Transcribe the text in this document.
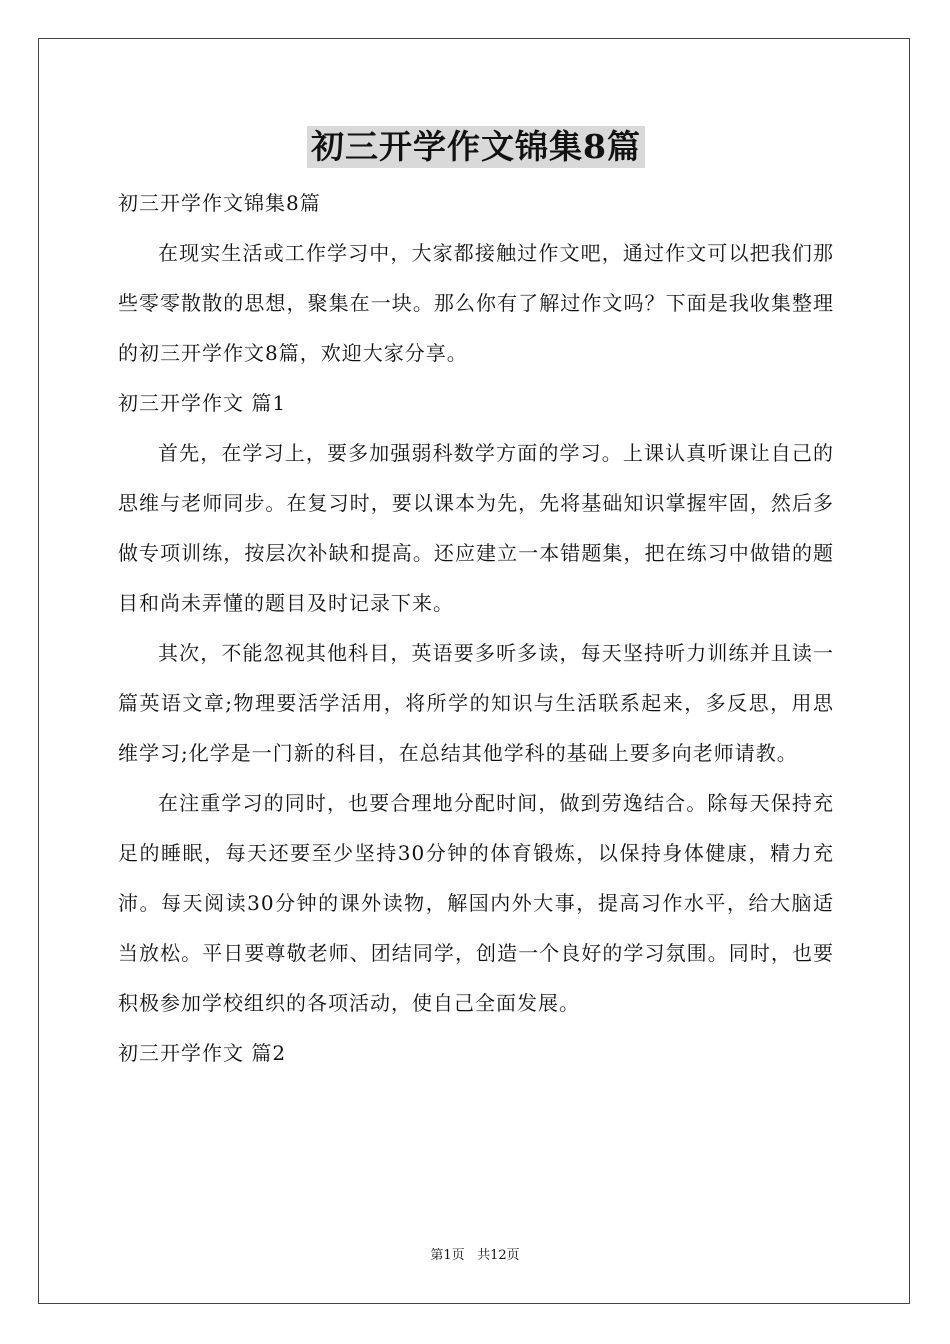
初三开学作文锦集8篇
初三开学作文锦集8篇

在现实生活或工作学习中，大家都接触过作文吧，通过作文可以把我们那些零零散散的思想，聚集在一块。那么你有了解过作文吗？下面是我收集整理的初三开学作文8篇，欢迎大家分享。

初三开学作文 篇1

首先，在学习上，要多加强弱科数学方面的学习。上课认真听课让自己的思维与老师同步。在复习时，要以课本为先，先将基础知识掌握牢固，然后多做专项训练，按层次补缺和提高。还应建立一本错题集，把在练习中做错的题目和尚未弄懂的题目及时记录下来。

其次，不能忽视其他科目，英语要多听多读，每天坚持听力训练并且读一篇英语文章;物理要活学活用，将所学的知识与生活联系起来，多反思，用思维学习;化学是一门新的科目，在总结其他学科的基础上要多向老师请教。

在注重学习的同时，也要合理地分配时间，做到劳逸结合。除每天保持充足的睡眠，每天还要至少坚持30分钟的体育锻炼，以保持身体健康，精力充沛。每天阅读30分钟的课外读物，解国内外大事，提高习作水平，给大脑适当放松。平日要尊敬老师、团结同学，创造一个良好的学习氛围。同时，也要积极参加学校组织的各项活动，使自己全面发展。

初三开学作文 篇2
第1页 共12页
